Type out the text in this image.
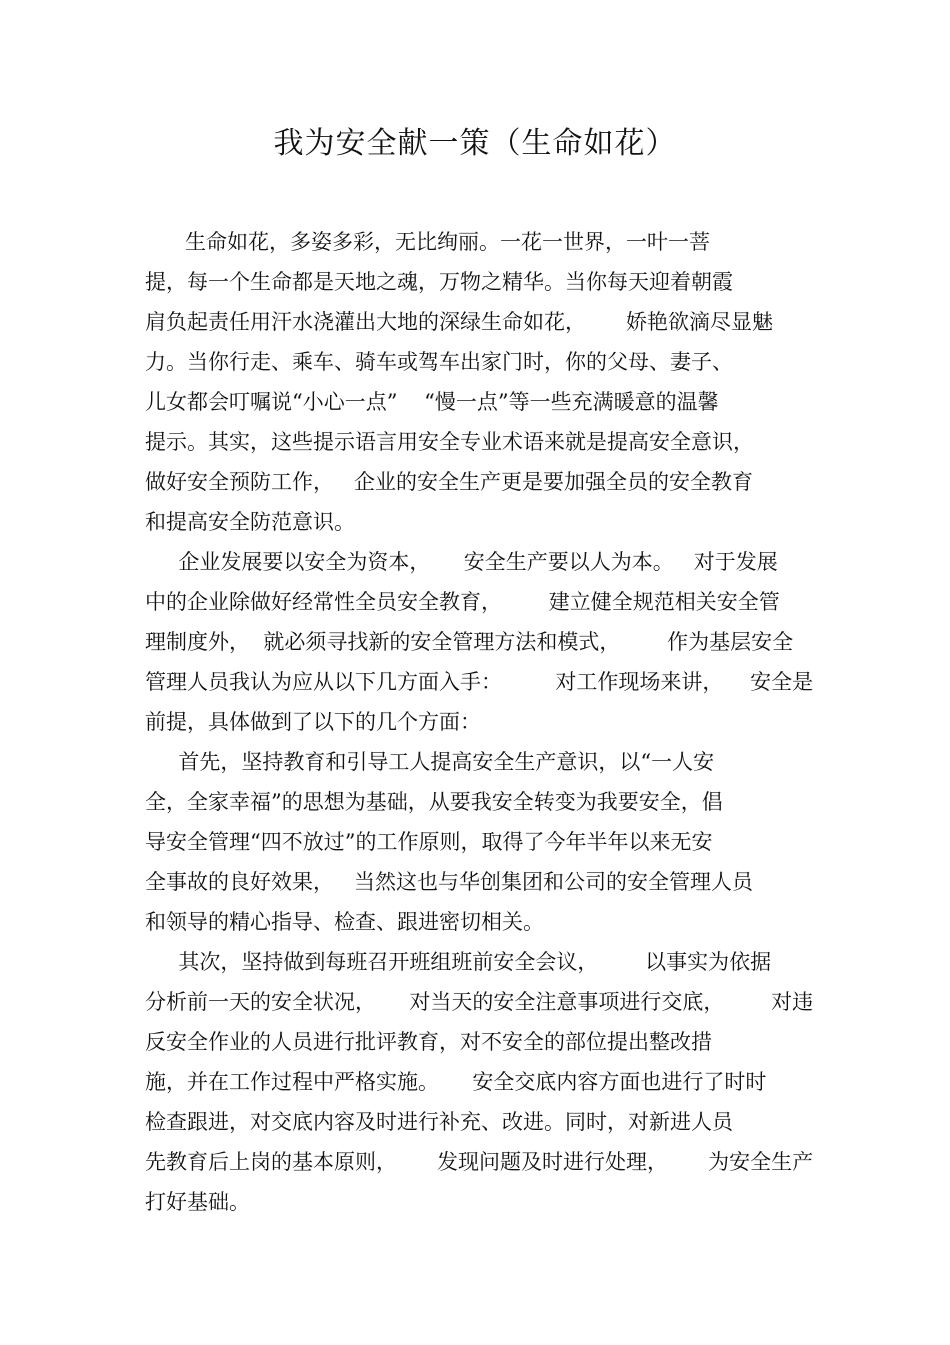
我为安全献一策（生命如花）
生命如花，多姿多彩，无比绚丽。一花一世界，一叶一菩
提，每一个生命都是天地之魂，万物之精华。当你每天迎着朝霞
肩负起责任用汗水浇灌出大地的深绿生命如花，      娇艳欲滴尽显魅
力。当你行走、乘车、骑车或驾车出家门时，你的父母、妻子、
儿女都会叮嘱说“小心一点”    “慢一点”等一些充满暖意的温馨
提示。其实，这些提示语言用安全专业术语来就是提高安全意识，
做好安全预防工作，   企业的安全生产更是要加强全员的安全教育
和提高安全防范意识。
企业发展要以安全为资本，     安全生产要以人为本。   对于发展
中的企业除做好经常性全员安全教育，       建立健全规范相关安全管
理制度外，  就必须寻找新的安全管理方法和模式，       作为基层安全
管理人员我认为应从以下几方面入手：        对工作现场来讲，    安全是
前提，具体做到了以下的几个方面：
首先，坚持教育和引导工人提高安全生产意识，以“一人安
全，全家幸福”的思想为基础，从要我安全转变为我要安全，倡
导安全管理“四不放过”的工作原则，取得了今年半年以来无安
全事故的良好效果，   当然这也与华创集团和公司的安全管理人员
和领导的精心指导、检查、跟进密切相关。
其次，坚持做到每班召开班组班前安全会议，       以事实为依据
分析前一天的安全状况，     对当天的安全注意事项进行交底，       对违
反安全作业的人员进行批评教育，对不安全的部位提出整改措
施，并在工作过程中严格实施。     安全交底内容方面也进行了时时
检查跟进，对交底内容及时进行补充、改进。同时，对新进人员
先教育后上岗的基本原则，      发现问题及时进行处理，      为安全生产
打好基础。
